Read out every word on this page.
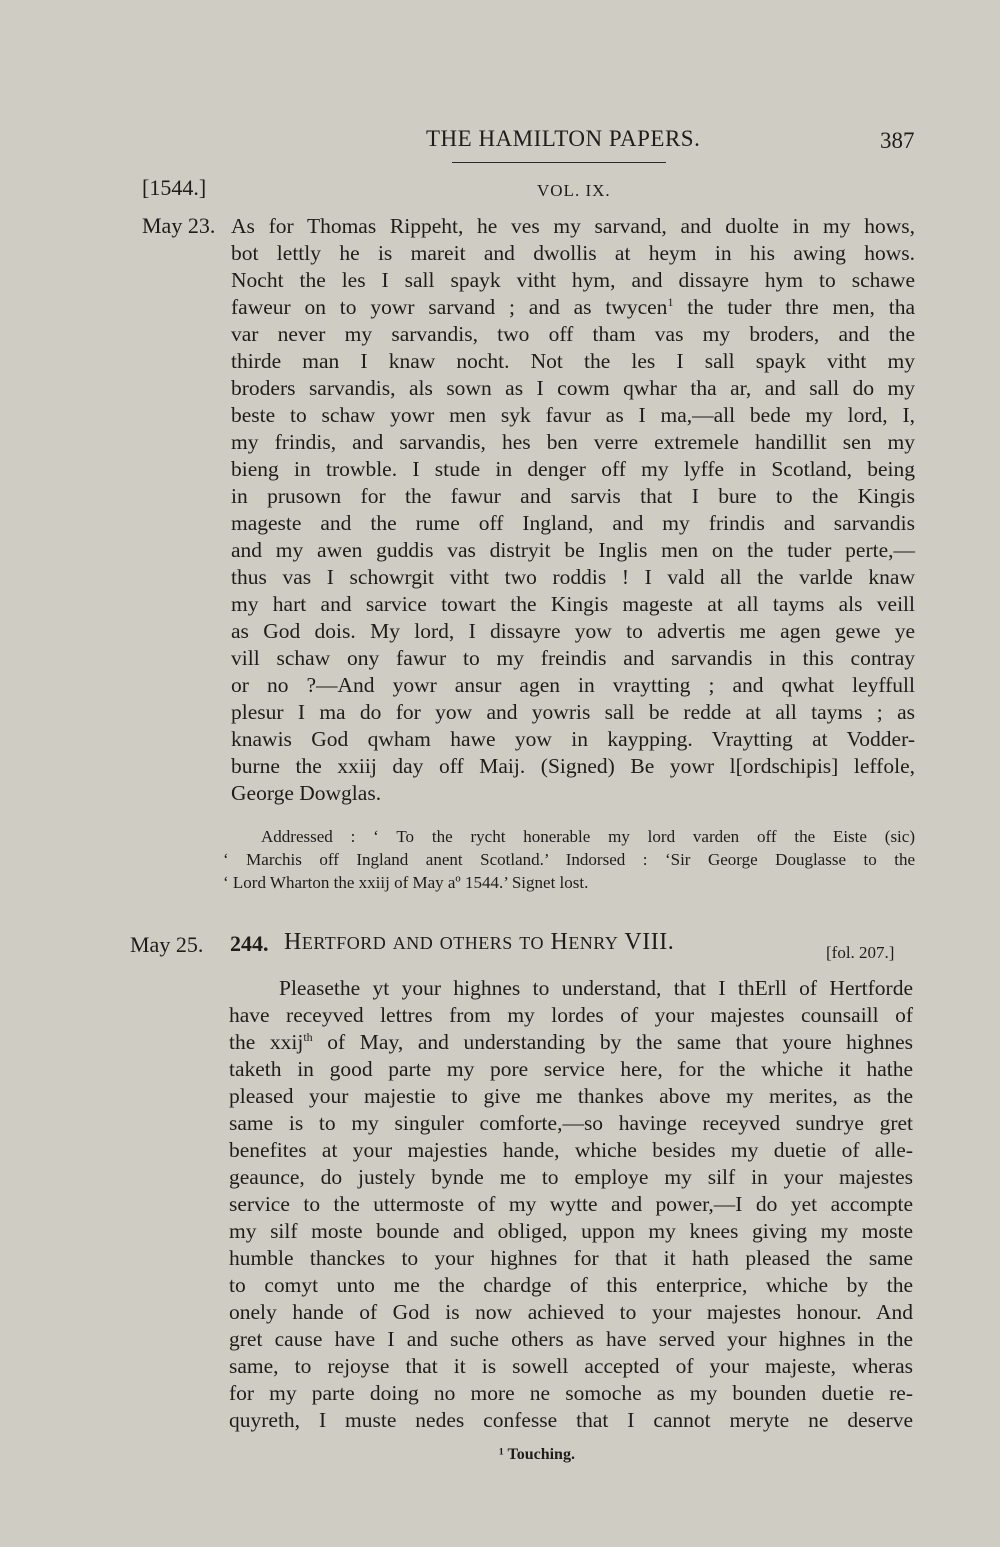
THE HAMILTON PAPERS.	387
[1544.]	VOL. IX.
May 23. As for Thomas Rippeht, he ves my sarvand, and duolte in my hows,
bot lettly he is mareit and dwollis at heym in his awing hows.
Nocht the les I sall spayk vitht hym, and dissayre hym to schawe
faweur on to yowr sarvand ; and as twycen$^1$ the tuder thre men, tha
var never my sarvandis, two off tham vas my broders, and the
thirde man I knaw nocht. Not the les I sall spayk vitht my
broders sarvandis, als sown as I cowm qwhar tha ar, and sall do my
beste to schaw yowr men syk favur as I ma,—all bede my lord, I,
my frindis, and sarvandis, hes ben verre extremele handillit sen my
bieng in trowble. I stude in denger off my lyffe in Scotland, being
in prusown for the fawur and sarvis that I bure to the Kingis
mageste and the rume off Ingland, and my frindis and sarvandis
and my awen guddis vas distryit be Inglis men on the tuder perte,—
thus vas I schowrgit vitht two roddis ! I vald all the varlde knaw
my hart and sarvice towart the Kingis mageste at all tayms als veill
as God dois. My lord, I dissayre yow to advertis me agen gewe ye
vill schaw ony fawur to my freindis and sarvandis in this contray
or no ?—And yowr ansur agen in vraytting ; and qwhat leyffull
plesur I ma do for yow and yowris sall be redde at all tayms ; as
knawis God qwham hawe yow in kaypping. Vraytting at Vodder-
burne the xxiij day off Maij. (Signed) Be yowr l[ordschipis] leffole,
George Dowglas.
Addressed : ‘ To the rycht honerable my lord varden off the Eiste (sic)
‘ Marchis off Ingland anent Scotland.’ Indorsed : ‘Sir George Douglasse to the
‘ Lord Wharton the xxiij of May aº 1544.’ Signet lost.
May 25. 244. HERTFORD AND OTHERS TO HENRY VIII.	[fol. 207.]
Pleasethe yt your highnes to understand, that I thErll of Hertforde
have receyved lettres from my lordes of your majestes counsaill of
the xxij$^{th}$ of May, and understanding by the same that youre highnes
taketh in good parte my pore service here, for the whiche it hathe
pleased your majestie to give me thankes above my merites, as the
same is to my singuler comforte,—so havinge receyved sundrye gret
benefites at your majesties hande, whiche besides my duetie of alle-
geaunce, do justely bynde me to employe my silf in your majestes
service to the uttermoste of my wytte and power,—I do yet accompte
my silf moste bounde and obliged, uppon my knees giving my moste
humble thanckes to your highnes for that it hath pleased the same
to comyt unto me the chardge of this enterprice, whiche by the
onely hande of God is now achieved to your majestes honour. And
gret cause have I and suche others as have served your highnes in the
same, to rejoyse that it is sowell accepted of your majeste, wheras
for my parte doing no more ne somoche as my bounden duetie re-
quyreth, I muste nedes confesse that I cannot meryte ne deserve
¹ Touching.
